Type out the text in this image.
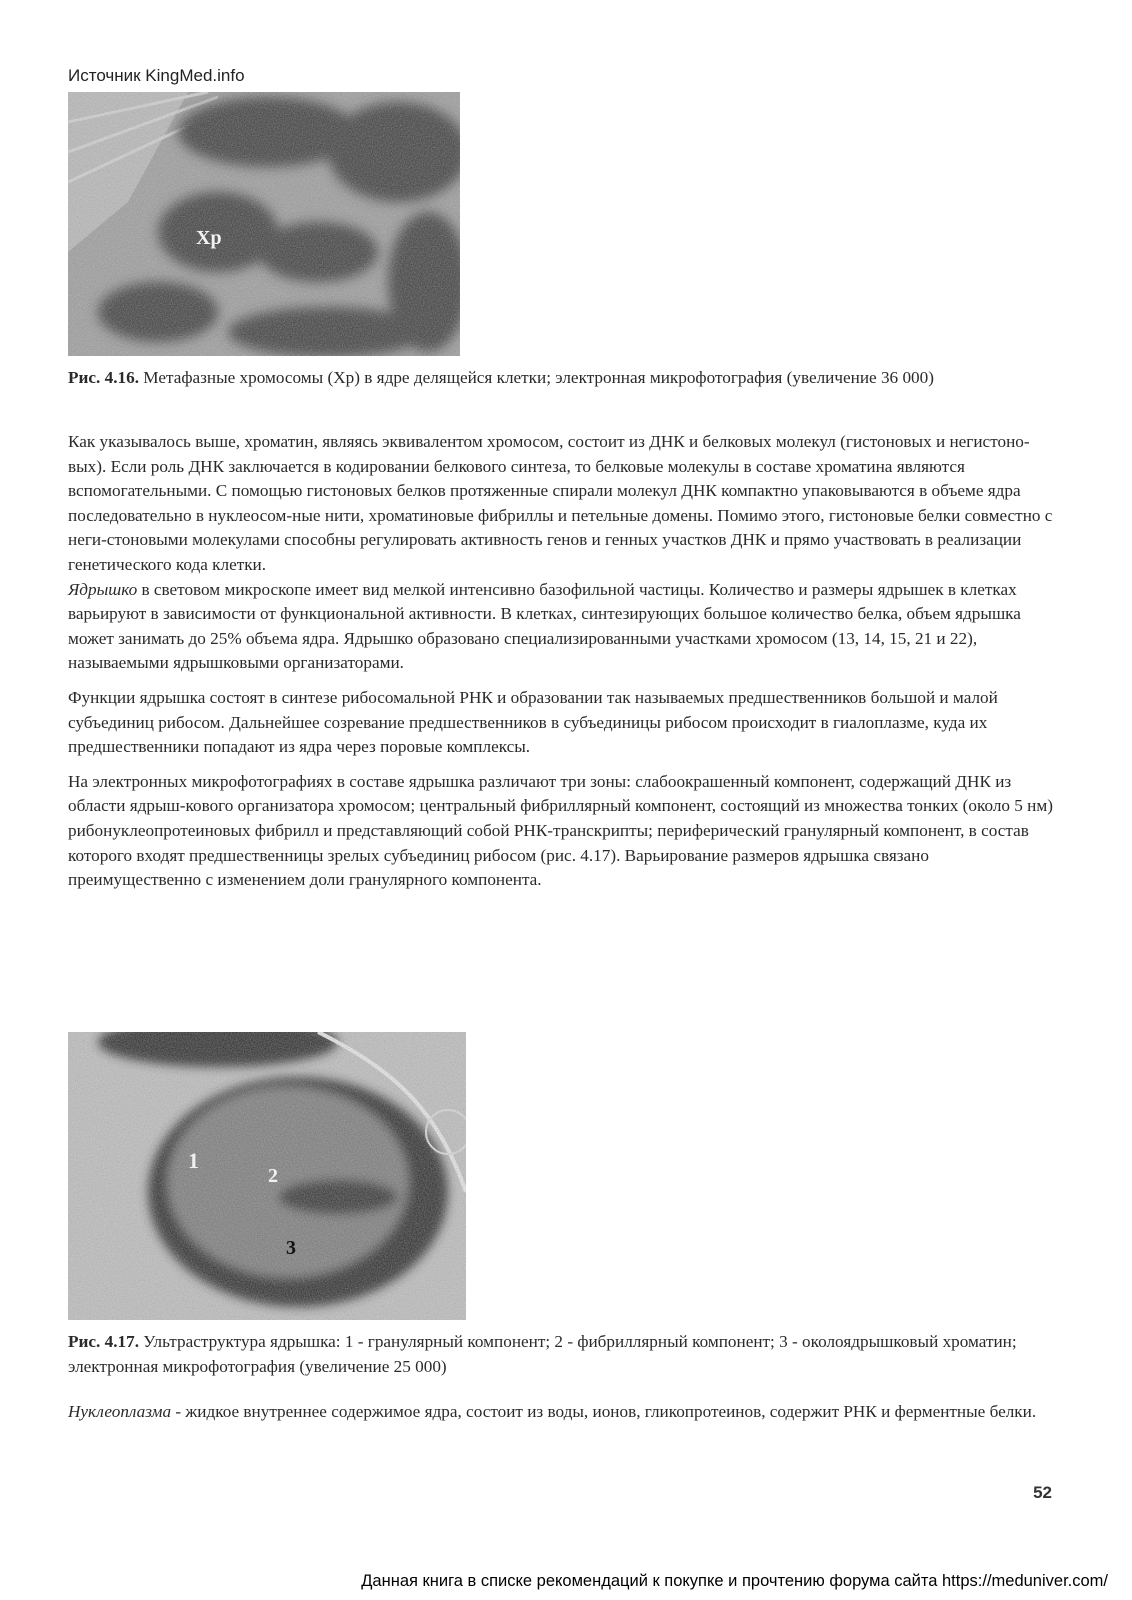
Источник KingMed.info
Хр

Рис. 4.16. Метафазные хромосомы (Хр) в ядре делящейся клетки; электронная микрофотография (увеличение 36 000)

Как указывалось выше, хроматин, являясь эквивалентом хромосом, состоит из ДНК и белковых молекул (гистоновых и негистоно-вых). Если роль ДНК заключается в кодировании белкового синтеза, то белковые молекулы в составе хроматина являются вспомогательными. С помощью гистоновых белков протяженные спирали молекул ДНК компактно упаковываются в объеме ядра последовательно в нуклеосом-ные нити, хроматиновые фибриллы и петельные домены. Помимо этого, гистоновые белки совместно с неги-стоновыми молекулами способны регулировать активность генов и генных участков ДНК и прямо участвовать в реализации генетического кода клетки.

Ядрышко в световом микроскопе имеет вид мелкой интенсивно базофильной частицы. Количество и размеры ядрышек в клетках варьируют в зависимости от функциональной активности. В клетках, синтезирующих большое количество белка, объем ядрышка может занимать до 25% объема ядра. Ядрышко образовано специализированными участками хромосом (13, 14, 15, 21 и 22), называемыми ядрышковыми организаторами.

Функции ядрышка состоят в синтезе рибосомальной РНК и образовании так называемых предшественников большой и малой субъединиц рибосом. Дальнейшее созревание предшественников в субъединицы рибосом происходит в гиалоплазме, куда их предшественники попадают из ядра через поровые комплексы.

На электронных микрофотографиях в составе ядрышка различают три зоны: слабоокрашенный компонент, содержащий ДНК из области ядрыш-кового организатора хромосом; центральный фибриллярный компонент, состоящий из множества тонких (около 5 нм) рибонуклеопротеиновых фибрилл и представляющий собой РНК-транскрипты; периферический гранулярный компонент, в состав которого входят предшественницы зрелых субъединиц рибосом (рис. 4.17). Варьирование размеров ядрышка связано преимущественно с изменением доли гранулярного компонента.

1
2
3

Рис. 4.17. Ультраструктура ядрышка: 1 - гранулярный компонент; 2 - фибриллярный компонент; 3 - околоядрышковый хроматин; электронная микрофотография (увеличение 25 000)

Нуклеоплазма - жидкое внутреннее содержимое ядра, состоит из воды, ионов, гликопротеинов, содержит РНК и ферментные белки.

52
Данная книга в списке рекомендаций к покупке и прочтению форума сайта https://meduniver.com/
